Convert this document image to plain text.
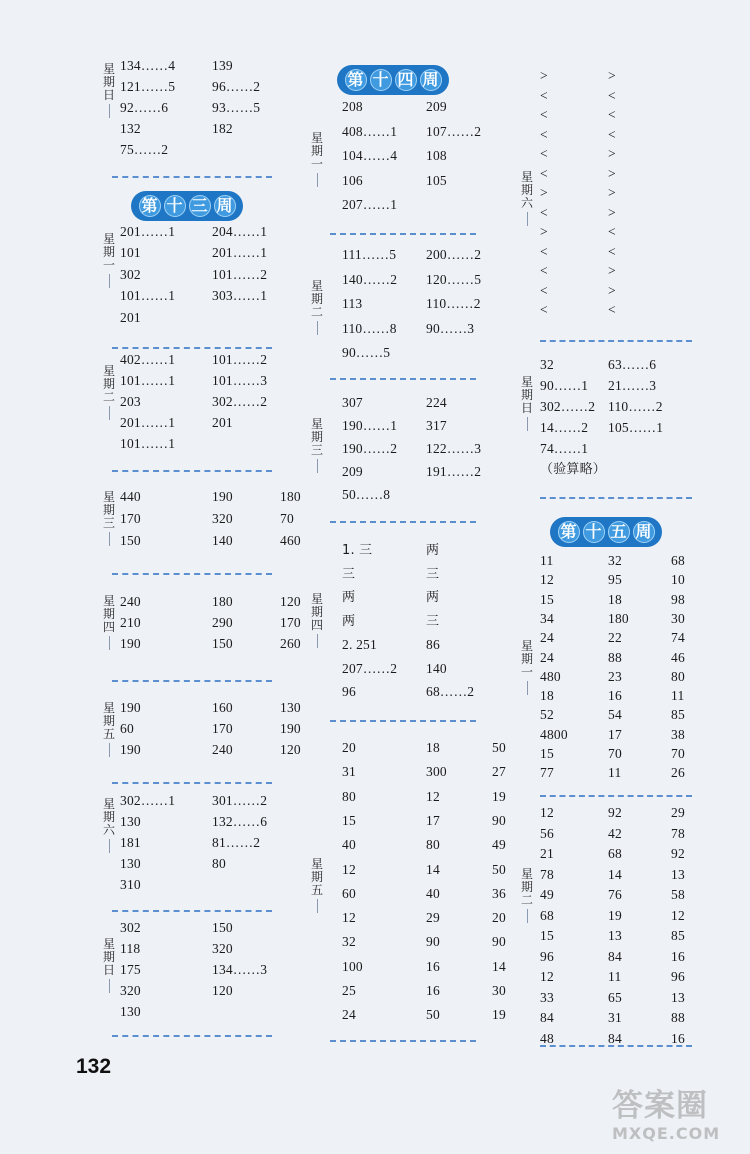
星
期
日
134……4	139
121……5	96……2
92……6	93……5
132	182
75……2
第 十 三 周
星
期
一
201……1	204……1
101	201……1
302	101……2
101……1	303……1
201
星
期
二
402……1	101……2
101……1	101……3
203	302……2
201……1	201
101……1
星
期
三
440	190	180
170	320	70
150	140	460
星
期
四
240	180	120
210	290	170
190	150	260
星
期
五
190	160	130
60	170	190
190	240	120
星
期
六
302……1	301……2
130	132……6
181	81……2
130	80
310
星
期
日
302	150
118	320
175	134……3
320	120
130
第 十 四 周
星
期
一
208	209
408……1 107……2
104……4 108
106	105
207……1
星
期
二
111……5 200……2
140……2 120……5
113	110……2
110……8 90……3
90……5
星
期
三
307	224
190……1 317
190……2 122……3
209	191……2
50……8
星
期
四
1. 三	两
三	三
两	两
两	三
2. 251	86
207……2 140
96	68……2
星
期
五
20	18	50
31	300	27
80	12	19
15	17	90
40	80	49
12	14	50
60	40	36
12	29	20
32	90	90
100	16	14
25	16	30
24	50	19
星
期
六
>	>
<	<
<	<
<	<
<	>
<	>
>	>
<	>
>	<
<	<
<	>
<	>
<	<
星
期
日
32	63……6
90……1 21……3
302……2 110……2
14……2 105……1
74……1
（验算略）
第 十 五 周
星
期
一
11	32	68
12	95	10
15	18	98
34	180	30
24	22	74
24	88	46
480	23	80
18	16	11
52	54	85
4800	17	38
15	70	70
77	11	26
星
期
二
12	92	29
56	42	78
21	68	92
78	14	13
49	76	58
68	19	12
15	13	85
96	84	16
12	11	96
33	65	13
84	31	88
48	84	16
132
答案圈
MXQE.COM
